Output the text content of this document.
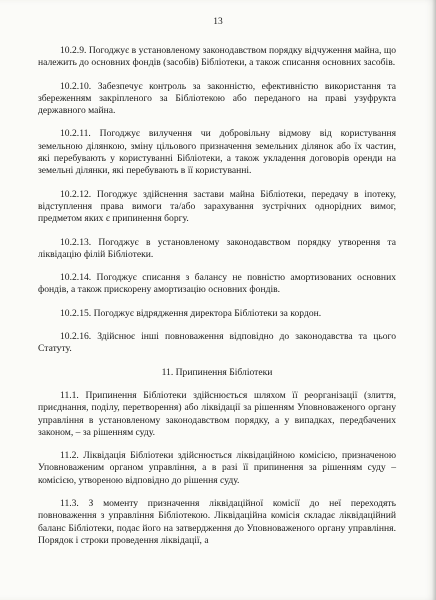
13

10.2.9. Погоджує в установленому законодавством порядку відчуження майна, що належить до основних фондів (засобів) Бібліотеки, а також списання основних засобів.

10.2.10. Забезпечує контроль за законністю, ефективністю використання та збереженням закріпленого за Бібліотекою або переданого на праві узуфрукта державного майна.

10.2.11. Погоджує вилучення чи добровільну відмову від користування земельною ділянкою, зміну цільового призначення земельних ділянок або їх частин, які перебувають у користуванні Бібліотеки, а також укладення договорів оренди на земельні ділянки, які перебувають в її користуванні.

10.2.12. Погоджує здійснення застави майна Бібліотеки, передачу в іпотеку, відступлення права вимоги та/або зарахування зустрічних однорідних вимог, предметом яких є припинення боргу.

10.2.13. Погоджує в установленому законодавством порядку утворення та ліквідацію філій Бібліотеки.

10.2.14. Погоджує списання з балансу не повністю амортизованих основних фондів, а також прискорену амортизацію основних фондів.

10.2.15. Погоджує відрядження директора Бібліотеки за кордон.

10.2.16. Здійснює інші повноваження відповідно до законодавства та цього Статуту.

11. Припинення Бібліотеки

11.1. Припинення Бібліотеки здійснюється шляхом її реорганізації (злиття, приєднання, поділу, перетворення) або ліквідації за рішенням Уповноваженого органу управління в установленому законодавством порядку, а у випадках, передбачених законом, – за рішенням суду.

11.2. Ліквідація Бібліотеки здійснюється ліквідаційною комісією, призначеною Уповноваженим органом управління, а в разі її припинення за рішенням суду – комісією, утвореною відповідно до рішення суду.

11.3. З моменту призначення ліквідаційної комісії до неї переходять повноваження з управління Бібліотекою. Ліквідаційна комісія складає ліквідаційний баланс Бібліотеки, подає його на затвердження до Уповноваженого органу управління. Порядок і строки проведення ліквідації, а
